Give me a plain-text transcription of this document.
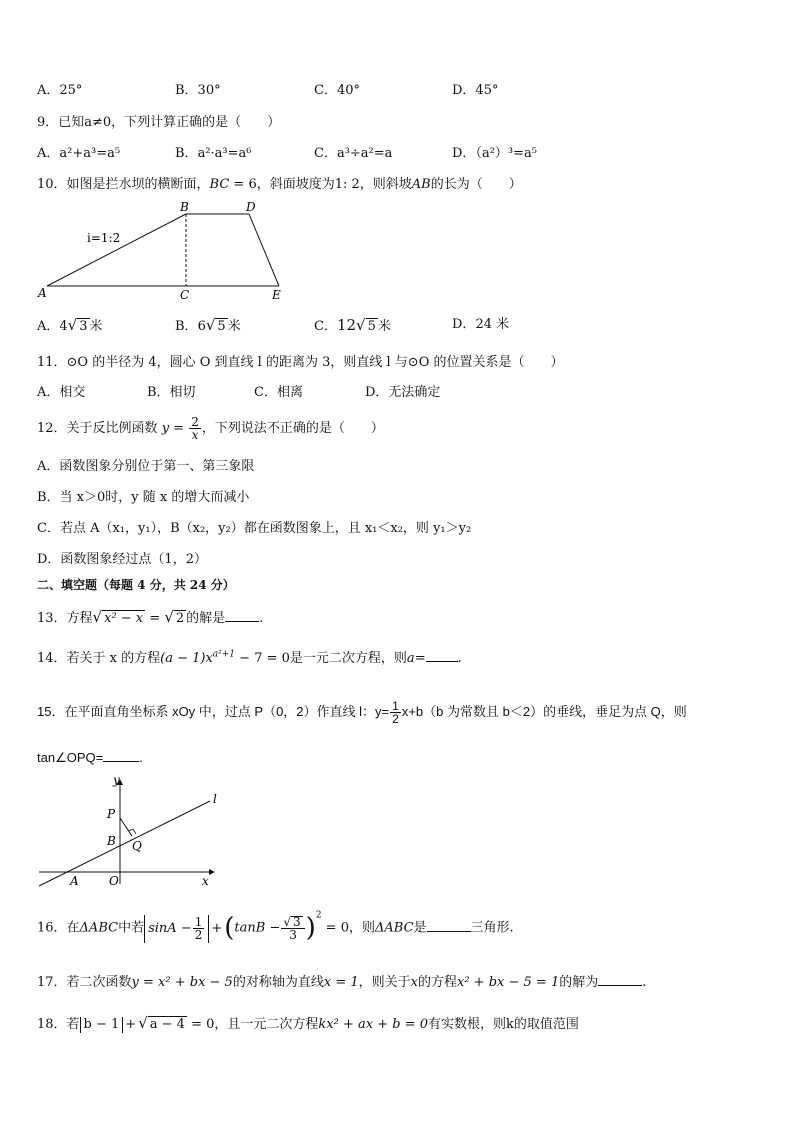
A．25°	B．30°	C．40°	D．45°
9．已知a≠0，下列计算正确的是（ ）
A．a²+a³=a⁵	B．a²·a³=a⁶	C．a³÷a²=a	D．（a²）³=a⁵
10．如图是拦水坝的横断面，BC = 6，斜面坡度为1: 2，则斜坡AB的长为（　　）
A
B
C
D
E
i=1:2
A．4√ 3 米	B．6√ 5 米	C．12√ 5 米	D．24 米
11．⊙O 的半径为 4，圆心 O 到直线 l 的距离为 3，则直线 l 与⊙O 的位置关系是（　　）
A．相交	B．相切	C．相离	D．无法确定
12．关于反比例函数 $y = \frac{2}{x}$ ，下列说法不正确的是（　　）
A．函数图象分别位于第一、第三象限
B．当 x＞0时，y 随 x 的增大而减小
C．若点 A（x₁，y₁），B（x₂，y₂）都在函数图象上，且 x₁＜x₂，则 y₁＞y₂
D．函数图象经过点（1，2）
二、填空题（每题 4 分，共 24 分）
13．方程√ x² − x = √ 2 的解是	.
14．若关于 x 的方程$(a - 1)x^{a^2+1} - 7 = 0$是一元二次方程，则a= .
15．在平面直角坐标系 xOy 中，过点 P（0，2）作直线 l：$y= \frac{1}{2} x+b(b$ 为常数且 b＜2）的垂线，垂足为点 Q，则
tan∠OPQ=	.
y
x
l
P
B Q
A	O
16．在ΔABC中若 $\sin A - \frac{1}{2} +(\tan B - \frac{√ 3}{3} )^2 = 0$，则ΔABC是	三角形.
17．若二次函数y = x² + bx − 5的对称轴为直线x = 1，则关于x的方程x² + bx − 5 = 1的解为	.
18．若 b − 1 + √ a − 4 = 0，且一元二次方程kx² + ax + b = 0有实数根，则k的取值范围
